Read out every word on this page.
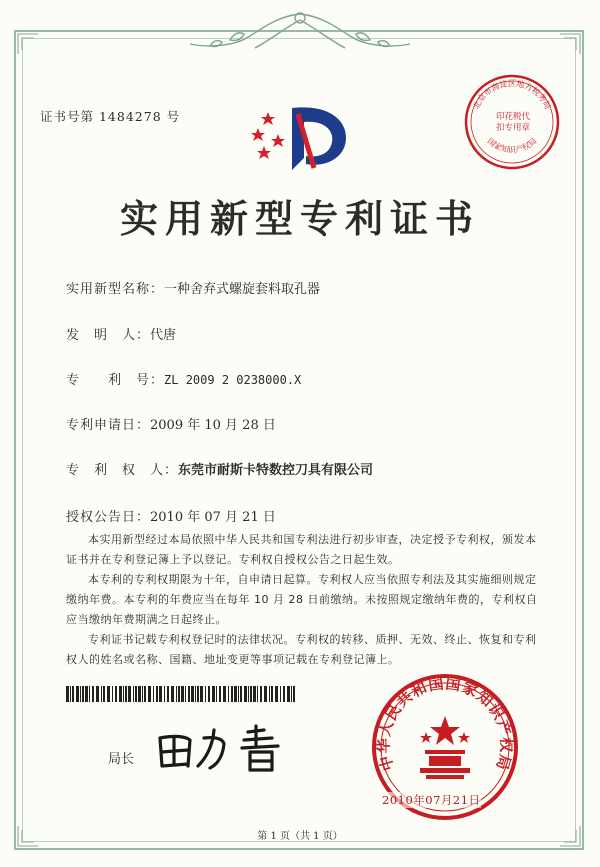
证书号第 1484278 号
北京市海淀区地方税务局
国家知识产权局
印花税代扣专用章
实用新型专利证书
实用新型名称：一种舍弃式螺旋套料取孔器
发　明　人：代唐
专　　利　号：ZL 2009 2 0238000.X
专利申请日：2009 年 10 月 28 日
专　利　权　人：东莞市耐斯卡特数控刀具有限公司
授权公告日：2010 年 07 月 21 日

本实用新型经过本局依照中华人民共和国专利法进行初步审查，决定授予专利权，颁发本证书并在专利登记簿上予以登记。专利权自授权公告之日起生效。

本专利的专利权期限为十年，自申请日起算。专利权人应当依照专利法及其实施细则规定缴纳年费。本专利的年费应当在每年 10 月 28 日前缴纳。未按照规定缴纳年费的，专利权自应当缴纳年费期满之日起终止。

专利证书记载专利权登记时的法律状况。专利权的转移、质押、无效、终止、恢复和专利权人的姓名或名称、国籍、地址变更等事项记载在专利登记簿上。

局长	中华人民共和国国家知识产权局
2010年07月21日
第 1 页（共 1 页）
